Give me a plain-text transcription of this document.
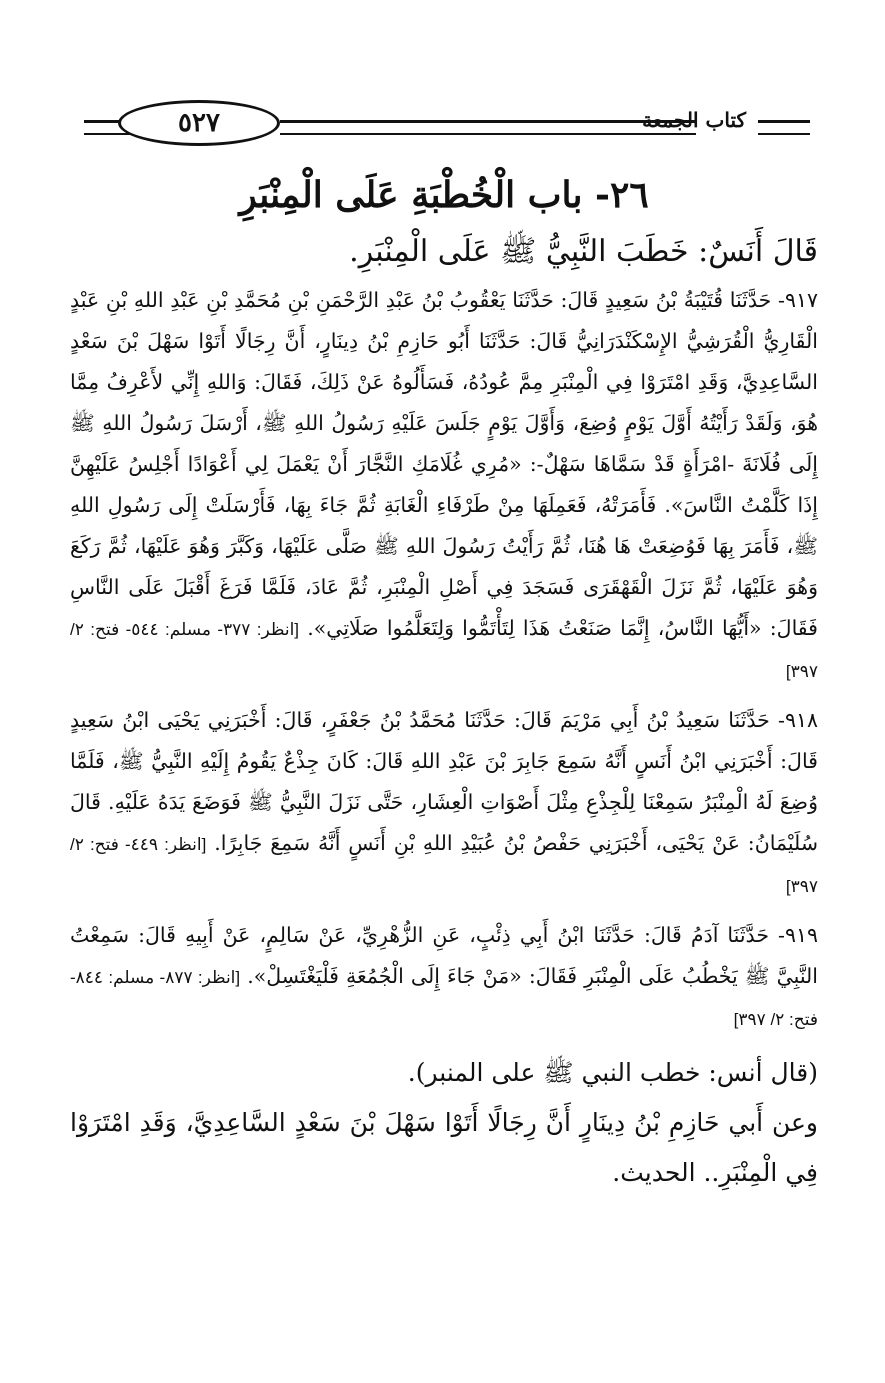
٥٢٧	كتاب الجمعة
٢٦- باب الْخُطْبَةِ عَلَى الْمِنْبَرِ

قَالَ أَنَسٌ: خَطَبَ النَّبِيُّ ﷺ عَلَى الْمِنْبَرِ.

٩١٧- حَدَّثَنَا قُتَيْبَةُ بْنُ سَعِيدٍ قَالَ: حَدَّثَنَا يَعْقُوبُ بْنُ عَبْدِ الرَّحْمَنِ بْنِ مُحَمَّدِ بْنِ عَبْدِ اللهِ بْنِ عَبْدٍ الْقَارِيُّ الْقُرَشِيُّ الإِسْكَنْدَرَانِيُّ قَالَ: حَدَّثَنَا أَبُو حَازِمِ بْنُ دِينَارٍ، أَنَّ رِجَالًا أَتَوْا سَهْلَ بْنَ سَعْدٍ السَّاعِدِيَّ، وَقَدِ امْتَرَوْا فِي الْمِنْبَرِ مِمَّ عُودُهُ، فَسَأَلُوهُ عَنْ ذَلِكَ، فَقَالَ: وَاللهِ إِنِّي لأَعْرِفُ مِمَّا هُوَ، وَلَقَدْ رَأَيْتُهُ أَوَّلَ يَوْمٍ وُضِعَ، وَأَوَّلَ يَوْمٍ جَلَسَ عَلَيْهِ رَسُولُ اللهِ ﷺ، أَرْسَلَ رَسُولُ اللهِ ﷺ إِلَى فُلَانَةَ -امْرَأَةٍ قَدْ سَمَّاهَا سَهْلٌ-: «مُرِي غُلَامَكِ النَّجَّارَ أَنْ يَعْمَلَ لِي أَعْوَادًا أَجْلِسُ عَلَيْهِنَّ إِذَا كَلَّمْتُ النَّاسَ». فَأَمَرَتْهُ، فَعَمِلَهَا مِنْ طَرْفَاءِ الْغَابَةِ ثُمَّ جَاءَ بِهَا، فَأَرْسَلَتْ إِلَى رَسُولِ اللهِ ﷺ، فَأَمَرَ بِهَا فَوُضِعَتْ هَا هُنَا، ثُمَّ رَأَيْتُ رَسُولَ اللهِ ﷺ صَلَّى عَلَيْهَا، وَكَبَّرَ وَهُوَ عَلَيْهَا، ثُمَّ رَكَعَ وَهُوَ عَلَيْهَا، ثُمَّ نَزَلَ الْقَهْقَرَى فَسَجَدَ فِي أَصْلِ الْمِنْبَرِ، ثُمَّ عَادَ، فَلَمَّا فَرَغَ أَقْبَلَ عَلَى النَّاسِ فَقَالَ: «أَيُّهَا النَّاسُ، إِنَّمَا صَنَعْتُ هَذَا لِتَأْتَمُّوا وَلِتَعَلَّمُوا صَلَاتِي». [انظر: ٣٧٧- مسلم: ٥٤٤- فتح: ٢/ ٣٩٧]

٩١٨- حَدَّثَنَا سَعِيدُ بْنُ أَبِي مَرْيَمَ قَالَ: حَدَّثَنَا مُحَمَّدُ بْنُ جَعْفَرٍ، قَالَ: أَخْبَرَنِي يَحْيَى ابْنُ سَعِيدٍ قَالَ: أَخْبَرَنِي ابْنُ أَنَسٍ أَنَّهُ سَمِعَ جَابِرَ بْنَ عَبْدِ اللهِ قَالَ: كَانَ جِذْعٌ يَقُومُ إِلَيْهِ النَّبِيُّ ﷺ، فَلَمَّا وُضِعَ لَهُ الْمِنْبَرُ سَمِعْنَا لِلْجِذْعِ مِثْلَ أَصْوَاتِ الْعِشَارِ، حَتَّى نَزَلَ النَّبِيُّ ﷺ فَوَضَعَ يَدَهُ عَلَيْهِ. قَالَ سُلَيْمَانُ: عَنْ يَحْيَى، أَخْبَرَنِي حَفْصُ بْنُ عُبَيْدِ اللهِ بْنِ أَنَسٍ أَنَّهُ سَمِعَ جَابِرًا. [انظر: ٤٤٩- فتح: ٢/ ٣٩٧]

٩١٩- حَدَّثَنَا آدَمُ قَالَ: حَدَّثَنَا ابْنُ أَبِي ذِئْبٍ، عَنِ الزُّهْرِيِّ، عَنْ سَالِمٍ، عَنْ أَبِيهِ قَالَ: سَمِعْتُ النَّبِيَّ ﷺ يَخْطُبُ عَلَى الْمِنْبَرِ فَقَالَ: «مَنْ جَاءَ إِلَى الْجُمُعَةِ فَلْيَغْتَسِلْ». [انظر: ٨٧٧- مسلم: ٨٤٤- فتح: ٢/ ٣٩٧]

(قال أنس: خطب النبي ﷺ على المنبر).

وعن أَبي حَازِمِ بْنُ دِينَارٍ أَنَّ رِجَالًا أَتَوْا سَهْلَ بْنَ سَعْدٍ السَّاعِدِيَّ، وَقَدِ امْتَرَوْا فِي الْمِنْبَرِ.. الحديث.
